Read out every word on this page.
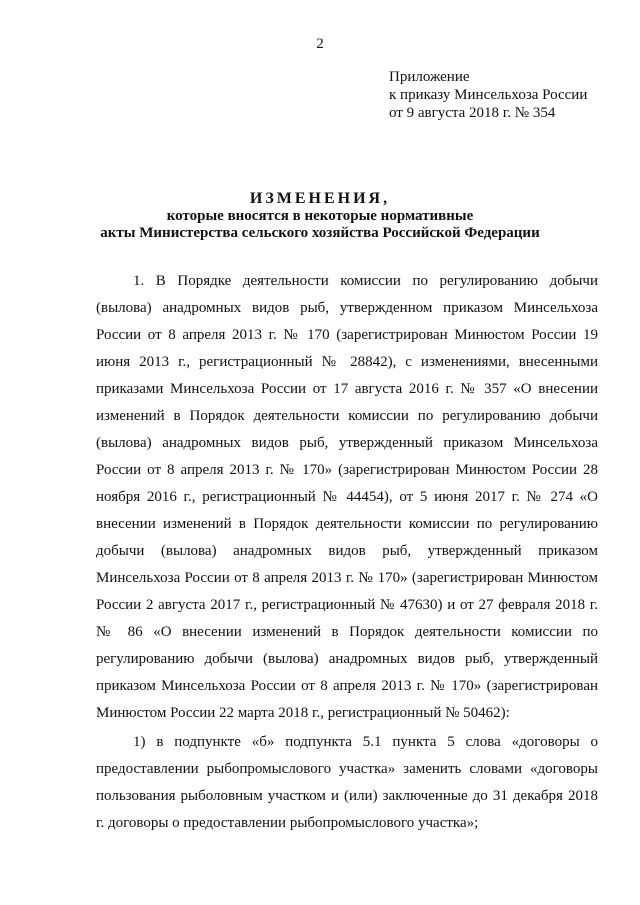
2
Приложение
к приказу Минсельхоза России
от 9 августа 2018 г. № 354
ИЗМЕНЕНИЯ,
которые вносятся в некоторые нормативные
акты Министерства сельского хозяйства Российской Федерации

1. В Порядке деятельности комиссии по регулированию добычи (вылова) анадромных видов рыб, утвержденном приказом Минсельхоза России от 8 апреля 2013 г. № 170 (зарегистрирован Минюстом России 19 июня 2013 г., регистрационный № 28842), с изменениями, внесенными приказами Минсельхоза России от 17 августа 2016 г. № 357 «О внесении изменений в Порядок деятельности комиссии по регулированию добычи (вылова) анадромных видов рыб, утвержденный приказом Минсельхоза России от 8 апреля 2013 г. № 170» (зарегистрирован Минюстом России 28 ноября 2016 г., регистрационный № 44454), от 5 июня 2017 г. № 274 «О внесении изменений в Порядок деятельности комиссии по регулированию добычи (вылова) анадромных видов рыб, утвержденный приказом Минсельхоза России от 8 апреля 2013 г. № 170» (зарегистрирован Минюстом России 2 августа 2017 г., регистрационный № 47630) и от 27 февраля 2018 г. № 86 «О внесении изменений в Порядок деятельности комиссии по регулированию добычи (вылова) анадромных видов рыб, утвержденный приказом Минсельхоза России от 8 апреля 2013 г. № 170» (зарегистрирован Минюстом России 22 марта 2018 г., регистрационный № 50462):

1) в подпункте «б» подпункта 5.1 пункта 5 слова «договоры о предоставлении рыбопромыслового участка» заменить словами «договоры пользования рыболовным участком и (или) заключенные до 31 декабря 2018 г. договоры о предоставлении рыбопромыслового участка»;
